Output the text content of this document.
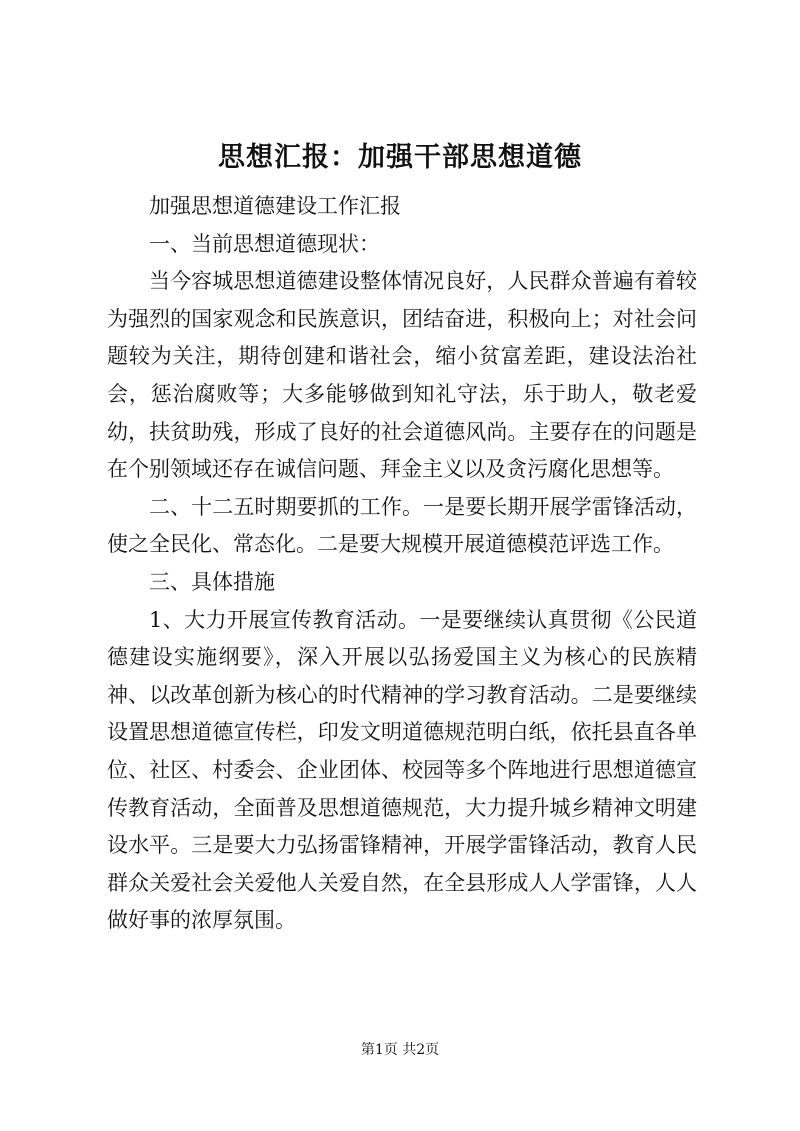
思想汇报：加强干部思想道德

加强思想道德建设工作汇报

一、当前思想道德现状：

当今容城思想道德建设整体情况良好，人民群众普遍有着较为强烈的国家观念和民族意识，团结奋进，积极向上；对社会问题较为关注，期待创建和谐社会，缩小贫富差距，建设法治社会，惩治腐败等；大多能够做到知礼守法，乐于助人，敬老爱幼，扶贫助残，形成了良好的社会道德风尚。主要存在的问题是在个别领域还存在诚信问题、拜金主义以及贪污腐化思想等。

二、十二五时期要抓的工作。一是要长期开展学雷锋活动，使之全民化、常态化。二是要大规模开展道德模范评选工作。

三、具体措施

1、大力开展宣传教育活动。一是要继续认真贯彻《公民道德建设实施纲要》，深入开展以弘扬爱国主义为核心的民族精神、以改革创新为核心的时代精神的学习教育活动。二是要继续设置思想道德宣传栏，印发文明道德规范明白纸，依托县直各单位、社区、村委会、企业团体、校园等多个阵地进行思想道德宣传教育活动，全面普及思想道德规范，大力提升城乡精神文明建设水平。三是要大力弘扬雷锋精神，开展学雷锋活动，教育人民群众关爱社会关爱他人关爱自然，在全县形成人人学雷锋，人人做好事的浓厚氛围。

第1页 共2页
